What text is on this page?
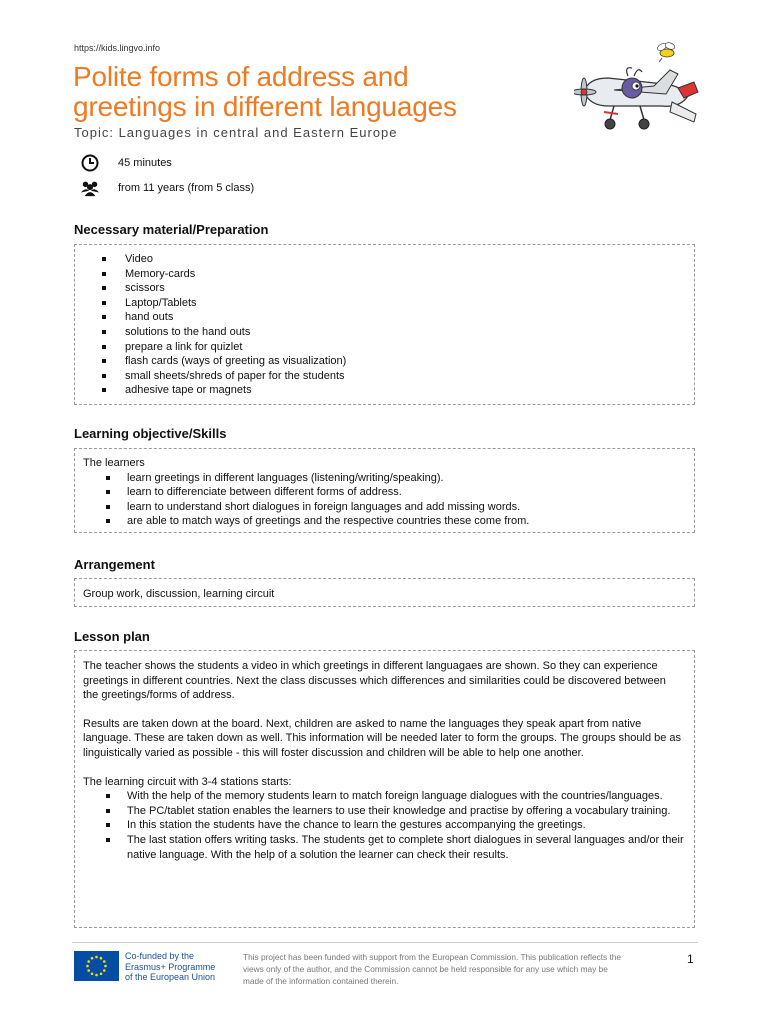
https://kids.lingvo.info
Polite forms of address and
greetings in different languages
Topic: Languages in central and Eastern Europe
45 minutes
from 11 years (from 5 class)
Necessary material/Preparation
Video
Memory-cards
scissors
Laptop/Tablets
hand outs
solutions to the hand outs
prepare a link for quizlet
flash cards (ways of greeting as visualization)
small sheets/shreds of paper for the students
adhesive tape or magnets
Learning objective/Skills

The learners

learn greetings in different languages (listening/writing/speaking).
learn to differenciate between different forms of address.
learn to understand short dialogues in foreign languages and add missing words.
are able to match ways of greetings and the respective countries these come from.
Arrangement

Group work, discussion, learning circuit

Lesson plan

The teacher shows the students a video in which greetings in different languagaes are shown. So they can experience greetings in different countries. Next the class discusses which differences and similarities could be discovered between the greetings/forms of address.

Results are taken down at the board. Next, children are asked to name the languages they speak apart from native language. These are taken down as well. This information will be needed later to form the groups. The groups should be as linguistically varied as possible - this will foster discussion and children will be able to help one another.

The learning circuit with 3-4 stations starts:

With the help of the memory students learn to match foreign language dialogues with the countries/languages.
The PC/tablet station enables the learners to use their knowledge and practise by offering a vocabulary training.
In this station the students have the chance to learn the gestures accompanying the greetings.
The last station offers writing tasks. The students get to complete short dialogues in several languages and/or their native language. With the help of a solution the learner can check their results.
Co-funded by the
Erasmus+ Programme
of the European Union
This project has been funded with support from the European Commission. This publication reflects the views only of the author, and the Commission cannot be held responsible for any use which may be made of the information contained therein.
1
